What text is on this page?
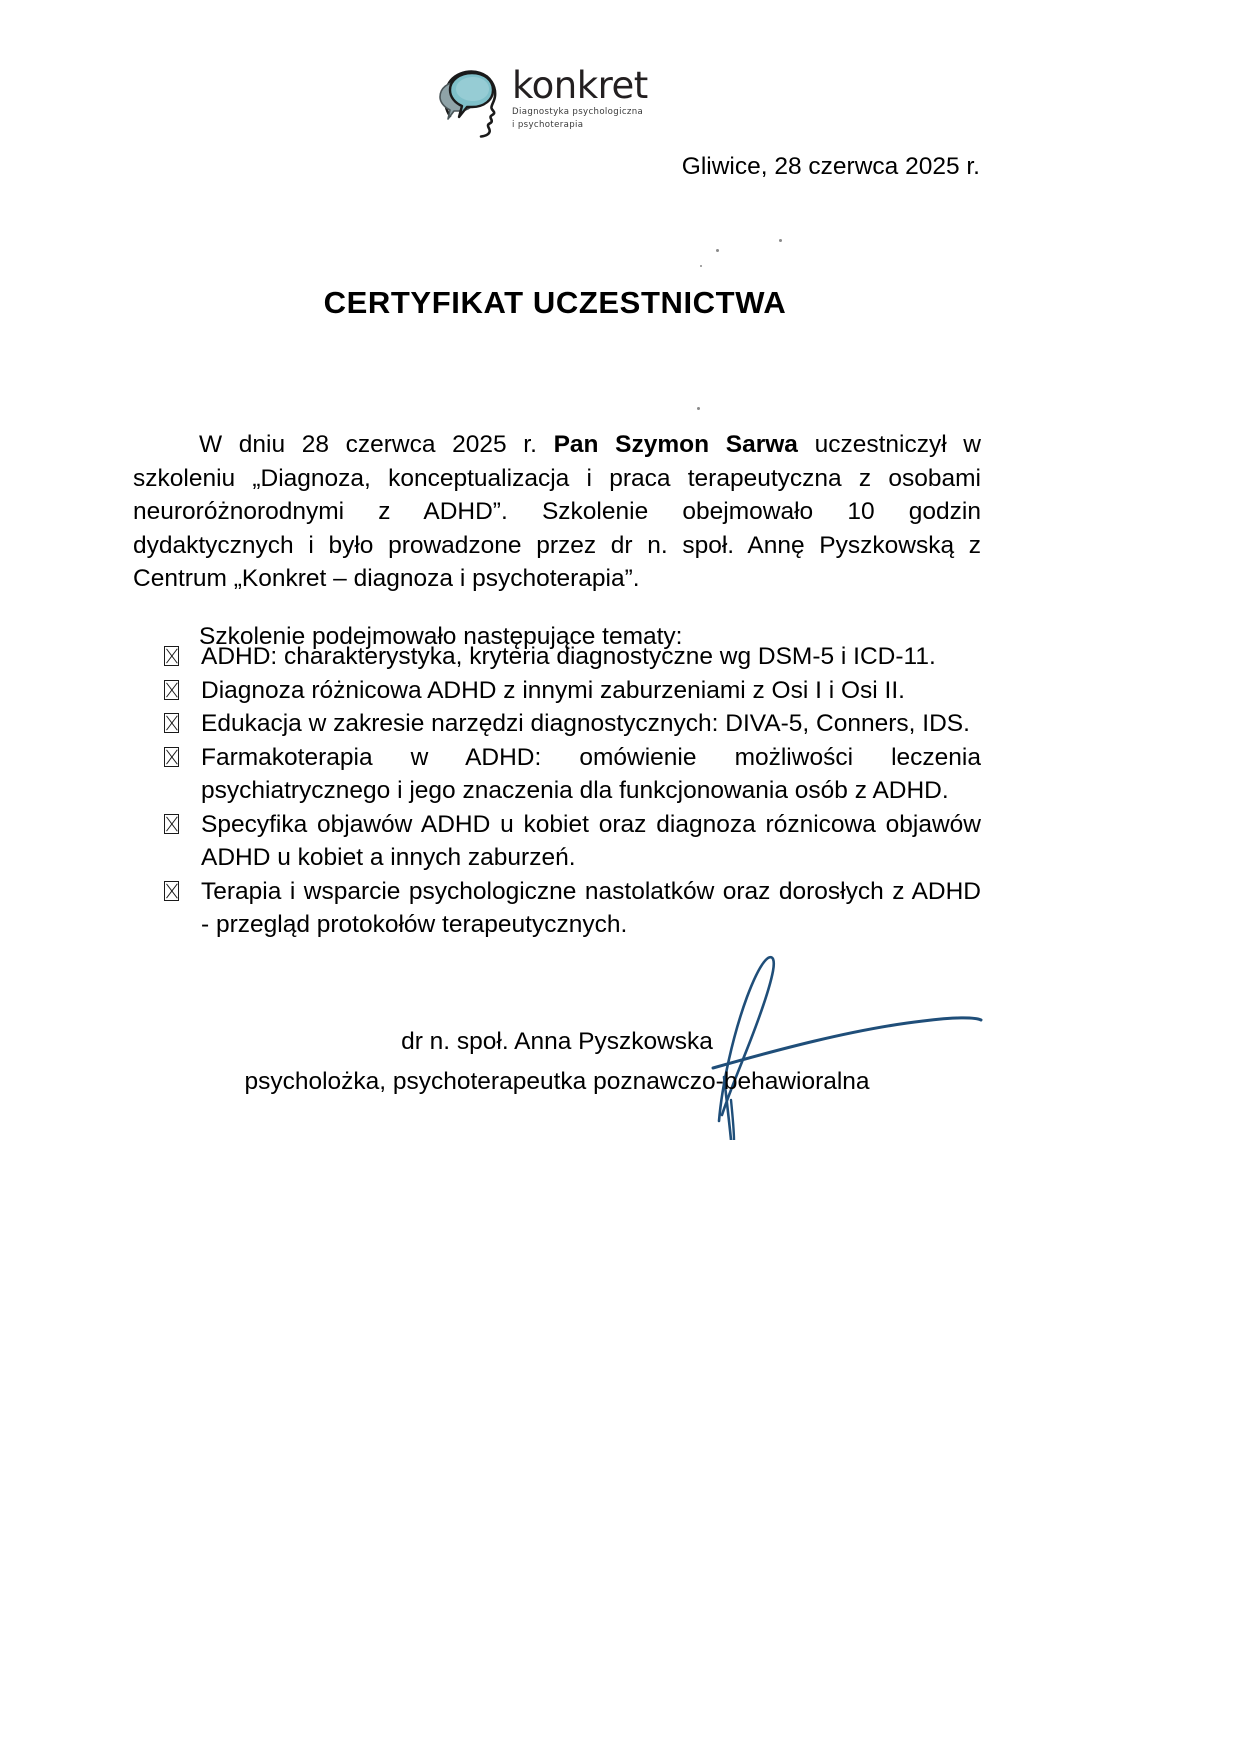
konkret
Diagnostyka psychologiczna
i psychoterapia
Gliwice, 28 czerwca 2025 r.
CERTYFIKAT UCZESTNICTWA

W dniu 28 czerwca 2025 r. Pan Szymon Sarwa uczestniczył w szkoleniu „Diagnoza, konceptualizacja i praca terapeutyczna z osobami neuroróżnorodnymi z ADHD”. Szkolenie obejmowało 10 godzin dydaktycznych i było prowadzone przez dr n. społ. Annę Pyszkowską z Centrum „Konkret – diagnoza i psychoterapia”.

Szkolenie podejmowało następujące tematy:

ADHD: charakterystyka, kryteria diagnostyczne wg DSM-5 i ICD-11.
Diagnoza różnicowa ADHD z innymi zaburzeniami z Osi I i Osi II.
Edukacja w zakresie narzędzi diagnostycznych: DIVA-5, Conners, IDS.
Farmakoterapia w ADHD: omówienie możliwości leczenia psychiatrycznego i jego znaczenia dla funkcjonowania osób z ADHD.
Specyfika objawów ADHD u kobiet oraz diagnoza róznicowa objawów ADHD u kobiet a innych zaburzeń.
Terapia i wsparcie psychologiczne nastolatków oraz dorosłych z ADHD - przegląd protokołów terapeutycznych.
dr n. społ. Anna Pyszkowska
psycholożka, psychoterapeutka poznawczo-behawioralna
